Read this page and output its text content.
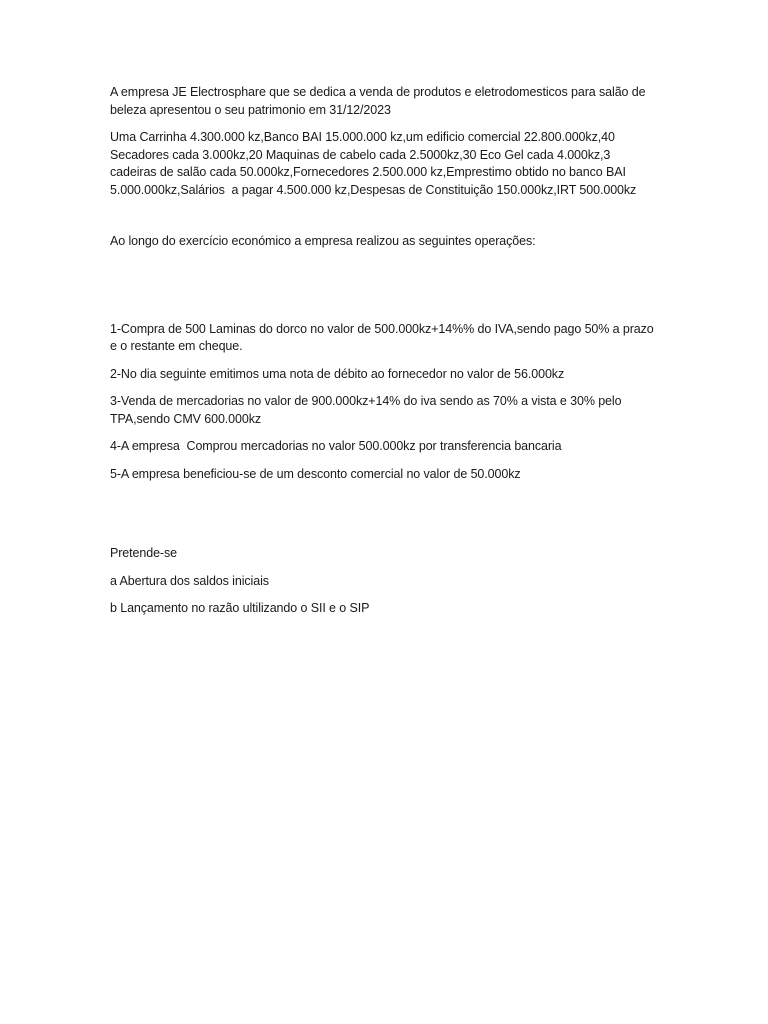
A empresa JE Electrosphare que se dedica a venda de produtos e eletrodomesticos para salão de beleza apresentou o seu patrimonio em 31/12/2023

Uma Carrinha 4.300.000 kz,Banco BAI 15.000.000 kz,um edificio comercial 22.800.000kz,40 Secadores cada 3.000kz,20 Maquinas de cabelo cada 2.5000kz,30 Eco Gel cada 4.000kz,3 cadeiras de salão cada 50.000kz,Fornecedores 2.500.000 kz,Emprestimo obtido no banco BAI 5.000.000kz,Salários  a pagar 4.500.000 kz,Despesas de Constituição 150.000kz,IRT 500.000kz

Ao longo do exercício económico a empresa realizou as seguintes operações:

1-Compra de 500 Laminas do dorco no valor de 500.000kz+14%% do IVA,sendo pago 50% a prazo e o restante em cheque.

2-No dia seguinte emitimos uma nota de débito ao fornecedor no valor de 56.000kz

3-Venda de mercadorias no valor de 900.000kz+14% do iva sendo as 70% a vista e 30% pelo TPA,sendo CMV 600.000kz

4-A empresa  Comprou mercadorias no valor 500.000kz por transferencia bancaria

5-A empresa beneficiou-se de um desconto comercial no valor de 50.000kz

Pretende-se

a Abertura dos saldos iniciais

b Lançamento no razão ultilizando o SII e o SIP
